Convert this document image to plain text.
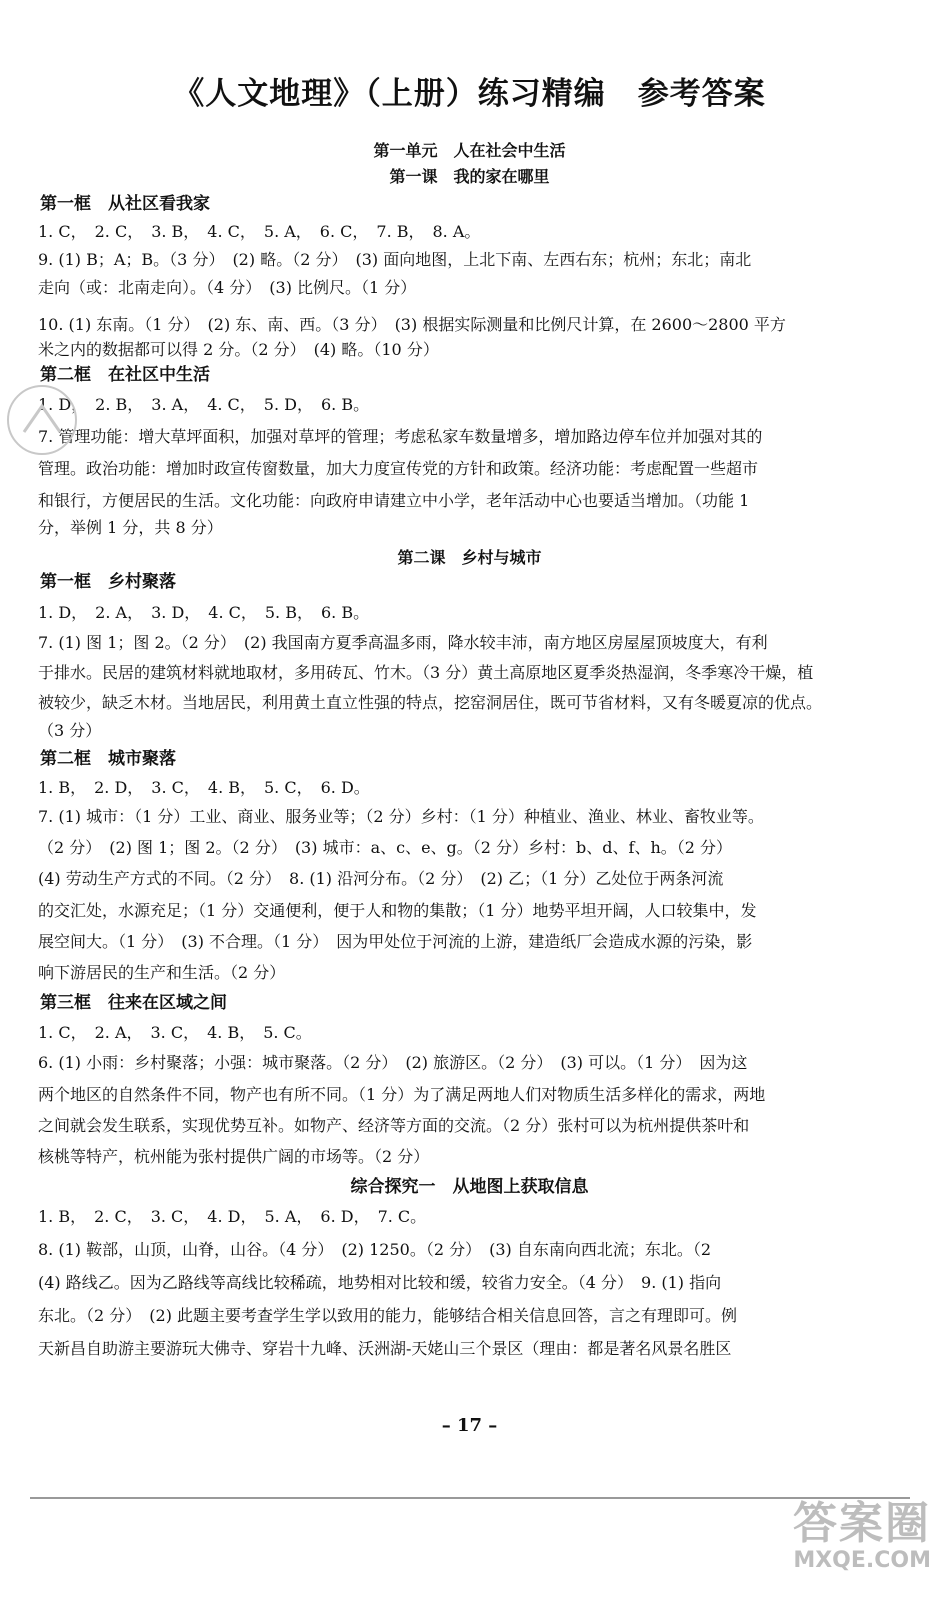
《人文地理》（上册）练习精编　参考答案
第一单元　人在社会中生活
第一课　我的家在哪里
第一框　从社区看我家
1. C，　2. C，　3. B，　4. C，　5. A，　6. C，　7. B，　8. A。
9. (1) B；A；B。（3 分）　(2) 略。（2 分）　(3) 面向地图，上北下南、左西右东；杭州；东北；南北
走向（或：北南走向）。（4 分）　(3) 比例尺。（1 分）
10. (1) 东南。（1 分）　(2) 东、南、西。（3 分）　(3) 根据实际测量和比例尺计算，在 2600～2800 平方
米之内的数据都可以得 2 分。（2 分）　(4) 略。（10 分）
第二框　在社区中生活
1. D，　2. B，　3. A，　4. C，　5. D，　6. B。
7. 管理功能：增大草坪面积，加强对草坪的管理；考虑私家车数量增多，增加路边停车位并加强对其的
管理。政治功能：增加时政宣传窗数量，加大力度宣传党的方针和政策。经济功能：考虑配置一些超市
和银行，方便居民的生活。文化功能：向政府申请建立中小学，老年活动中心也要适当增加。（功能 1
分，举例 1 分，共 8 分）
第二课　乡村与城市
第一框　乡村聚落
1. D，　2. A，　3. D，　4. C，　5. B，　6. B。
7. (1) 图 1；图 2。（2 分）　(2) 我国南方夏季高温多雨，降水较丰沛，南方地区房屋屋顶坡度大，有利
于排水。民居的建筑材料就地取材，多用砖瓦、竹木。（3 分）黄土高原地区夏季炎热湿润，冬季寒冷干燥，植
被较少，缺乏木材。当地居民，利用黄土直立性强的特点，挖窑洞居住，既可节省材料，又有冬暖夏凉的优点。
（3 分）
第二框　城市聚落
1. B，　2. D，　3. C，　4. B，　5. C，　6. D。
7. (1) 城市：（1 分）工业、商业、服务业等；（2 分）乡村：（1 分）种植业、渔业、林业、畜牧业等。
（2 分）　(2) 图 1；图 2。（2 分）　(3) 城市：a、c、e、g。（2 分）乡村：b、d、f、h。（2 分）
(4) 劳动生产方式的不同。（2 分）　8. (1) 沿河分布。（2 分）　(2) 乙；（1 分）乙处位于两条河流
的交汇处，水源充足；（1 分）交通便利，便于人和物的集散；（1 分）地势平坦开阔，人口较集中，发
展空间大。（1 分）　(3) 不合理。（1 分）　因为甲处位于河流的上游，建造纸厂会造成水源的污染，影
响下游居民的生产和生活。（2 分）
第三框　往来在区域之间
1. C，　2. A，　3. C，　4. B，　5. C。
6. (1) 小雨：乡村聚落；小强：城市聚落。（2 分）　(2) 旅游区。（2 分）　(3) 可以。（1 分）　因为这
两个地区的自然条件不同，物产也有所不同。（1 分）为了满足两地人们对物质生活多样化的需求，两地
之间就会发生联系，实现优势互补。如物产、经济等方面的交流。（2 分）张村可以为杭州提供茶叶和
核桃等特产，杭州能为张村提供广阔的市场等。（2 分）
综合探究一　从地图上获取信息
1. B，　2. C，　3. C，　4. D，　5. A，　6. D，　7. C。
8. (1) 鞍部，山顶，山脊，山谷。（4 分）　(2) 1250。（2 分）　(3) 自东南向西北流；东北。（2
(4) 路线乙。因为乙路线等高线比较稀疏，地势相对比较和缓，较省力安全。（4 分）　9. (1) 指向
东北。（2 分）　(2) 此题主要考查学生学以致用的能力，能够结合相关信息回答，言之有理即可。例
天新昌自助游主要游玩大佛寺、穿岩十九峰、沃洲湖-天姥山三个景区（理由：都是著名风景名胜区
– 17 –
答案圈
MXQE.COM
